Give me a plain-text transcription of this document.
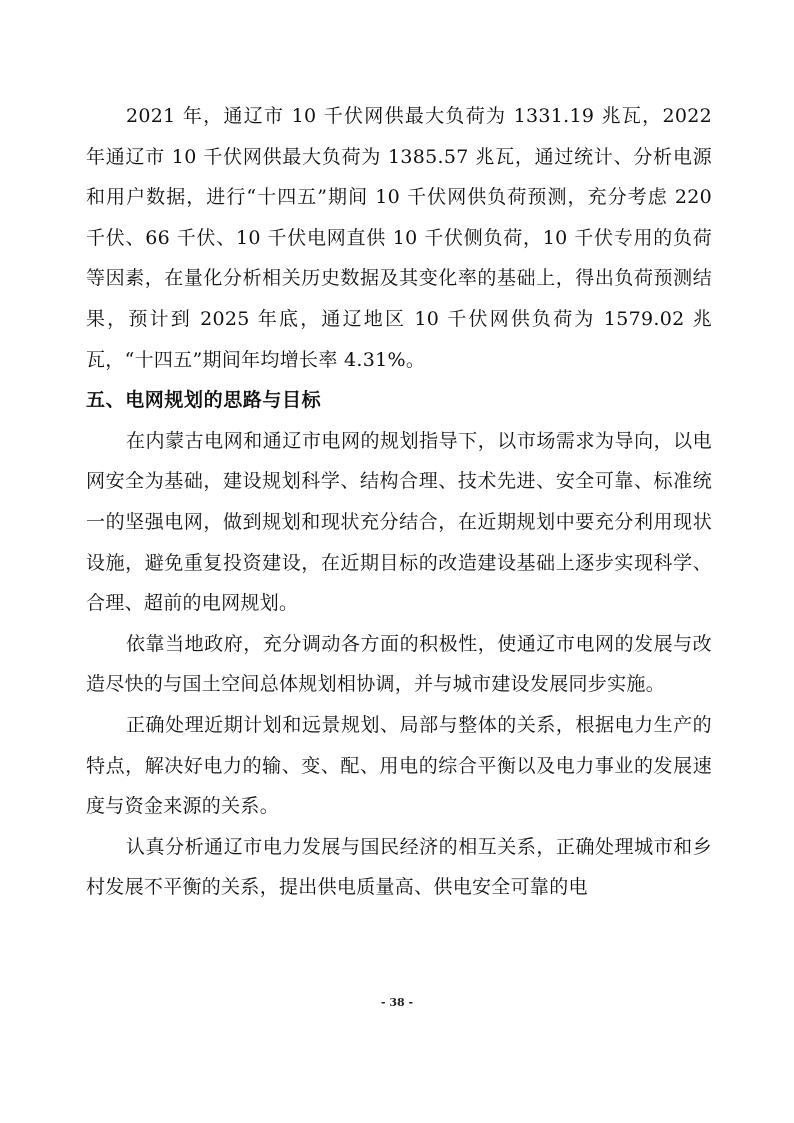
2021 年，通辽市 10 千伏网供最大负荷为 1331.19 兆瓦，2022 年通辽市 10 千伏网供最大负荷为 1385.57 兆瓦，通过统计、分析电源和用户数据，进行“十四五”期间 10 千伏网供负荷预测，充分考虑 220 千伏、66 千伏、10 千伏电网直供 10 千伏侧负荷，10 千伏专用的负荷等因素，在量化分析相关历史数据及其变化率的基础上，得出负荷预测结果，预计到 2025 年底，通辽地区 10 千伏网供负荷为 1579.02 兆瓦，“十四五”期间年均增长率 4.31%。

五、电网规划的思路与目标

在内蒙古电网和通辽市电网的规划指导下，以市场需求为导向，以电网安全为基础，建设规划科学、结构合理、技术先进、安全可靠、标准统一的坚强电网，做到规划和现状充分结合，在近期规划中要充分利用现状设施，避免重复投资建设，在近期目标的改造建设基础上逐步实现科学、合理、超前的电网规划。

依靠当地政府，充分调动各方面的积极性，使通辽市电网的发展与改造尽快的与国土空间总体规划相协调，并与城市建设发展同步实施。

正确处理近期计划和远景规划、局部与整体的关系，根据电力生产的特点，解决好电力的输、变、配、用电的综合平衡以及电力事业的发展速度与资金来源的关系。

认真分析通辽市电力发展与国民经济的相互关系，正确处理城市和乡村发展不平衡的关系，提出供电质量高、供电安全可靠的电

- 38 -
